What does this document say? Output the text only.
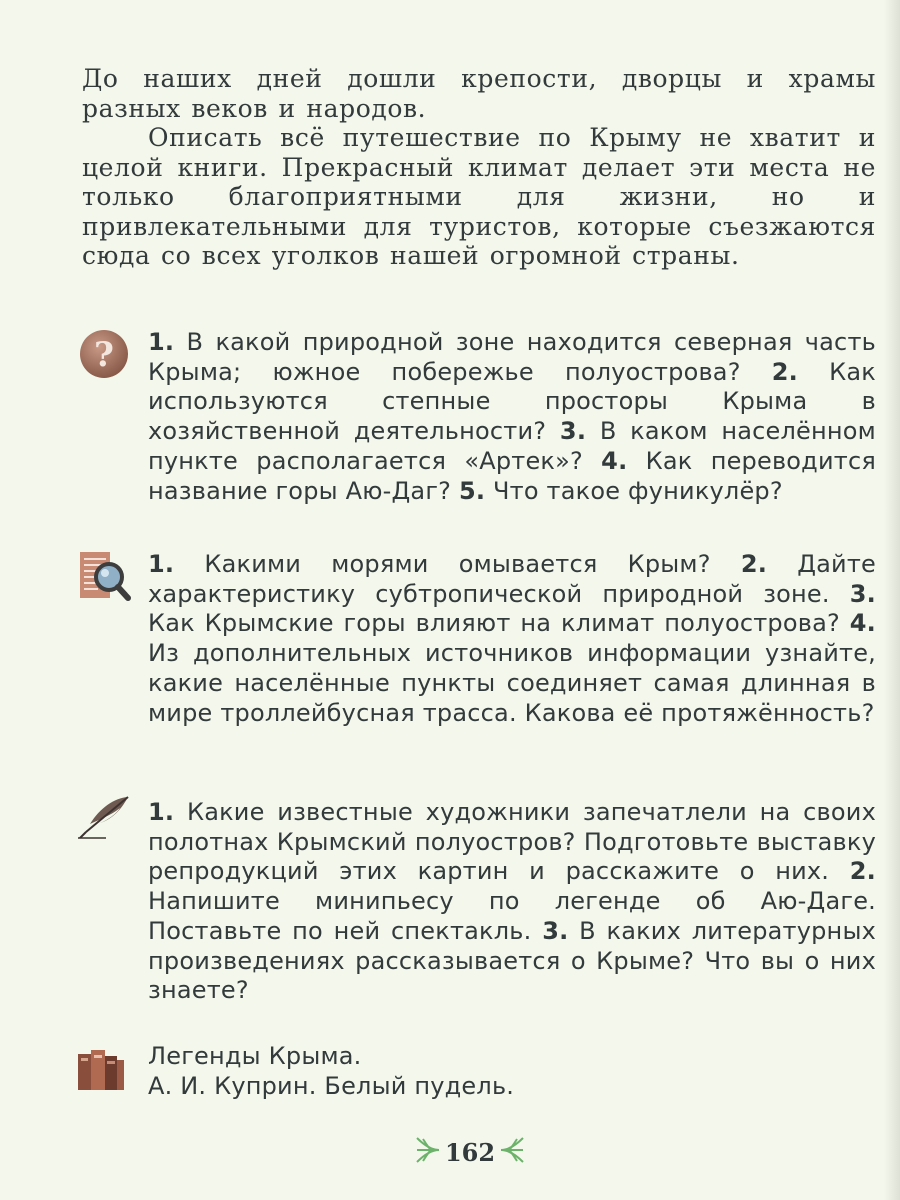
До наших дней дошли крепости, дворцы и храмы разных веков и народов.

Описать всё путешествие по Крыму не хватит и целой книги. Прекрасный климат делает эти места не только благоприятными для жизни, но и привлекательными для туристов, которые съезжаются сюда со всех уголков нашей огромной страны.

? 1. В какой природной зоне находится северная часть Крыма; южное побережье полуострова? 2. Как используются степные просторы Крыма в хозяйственной деятельности? 3. В каком населённом пункте располагается «Артек»? 4. Как переводится название горы Аю-Даг? 5. Что такое фуникулёр?
1. Какими морями омывается Крым? 2. Дайте характеристику субтропической природной зоне. 3. Как Крымские горы влияют на климат полуострова? 4. Из дополнительных источников информации узнайте, какие населённые пункты соединяет самая длинная в мире троллейбусная трасса. Какова её протяжённость?
1. Какие известные художники запечатлели на своих полотнах Крымский полуостров? Подготовьте выставку репродукций этих картин и расскажите о них. 2. Напишите минипьесу по легенде об Аю-Даге. Поставьте по ней спектакль. 3. В каких литературных произведениях рассказывается о Крыме? Что вы о них знаете?
Легенды Крыма.
А. И. Куприн. Белый пудель.
162
